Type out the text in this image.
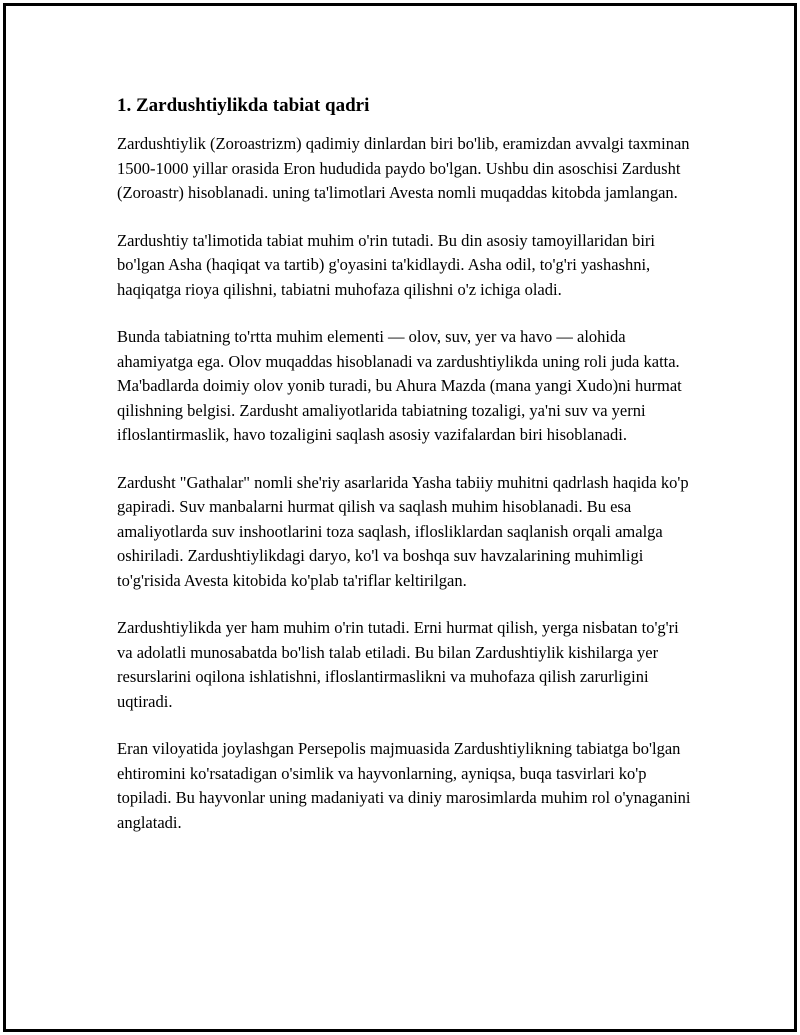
1. Zardushtiylikda tabiat qadri

Zardushtiylik (Zoroastrizm) qadimiy dinlardan biri bo'lib, eramizdan avvalgi taxminan 1500-1000 yillar orasida Eron hududida paydo bo'lgan. Ushbu din asoschisi Zardusht (Zoroastr) hisoblanadi. uning ta'limotlari Avesta nomli muqaddas kitobda jamlangan.

Zardushtiy ta'limotida tabiat muhim o'rin tutadi. Bu din asosiy tamoyillaridan biri bo'lgan Asha (haqiqat va tartib) g'oyasini ta'kidlaydi. Asha odil, to'g'ri yashashni, haqiqatga rioya qilishni, tabiatni muhofaza qilishni o'z ichiga oladi.

Bunda tabiatning to'rtta muhim elementi — olov, suv, yer va havo — alohida ahamiyatga ega. Olov muqaddas hisoblanadi va zardushtiylikda uning roli juda katta. Ma'badlarda doimiy olov yonib turadi, bu Ahura Mazda (mana yangi Xudo)ni hurmat qilishning belgisi. Zardusht amaliyotlarida tabiatning tozaligi, ya'ni suv va yerni ifloslantirmaslik, havo tozaligini saqlash asosiy vazifalardan biri hisoblanadi.

Zardusht "Gathalar" nomli she'riy asarlarida Yasha tabiiy muhitni qadrlash haqida ko'p gapiradi. Suv manbalarni hurmat qilish va saqlash muhim hisoblanadi. Bu esa amaliyotlarda suv inshootlarini toza saqlash, iflosliklardan saqlanish orqali amalga oshiriladi. Zardushtiylikdagi daryo, ko'l va boshqa suv havzalarining muhimligi to'g'risida Avesta kitobida ko'plab ta'riflar keltirilgan.

Zardushtiylikda yer ham muhim o'rin tutadi. Erni hurmat qilish, yerga nisbatan to'g'ri va adolatli munosabatda bo'lish talab etiladi. Bu bilan Zardushtiylik kishilarga yer resurslarini oqilona ishlatishni, ifloslantirmaslikni va muhofaza qilish zarurligini uqtiradi.

Eran viloyatida joylashgan Persepolis majmuasida Zardushtiylikning tabiatga bo'lgan ehtiromini ko'rsatadigan o'simlik va hayvonlarning, ayniqsa, buqa tasvirlari ko'p topiladi. Bu hayvonlar uning madaniyati va diniy marosimlarda muhim rol o'ynaganini anglatadi.
